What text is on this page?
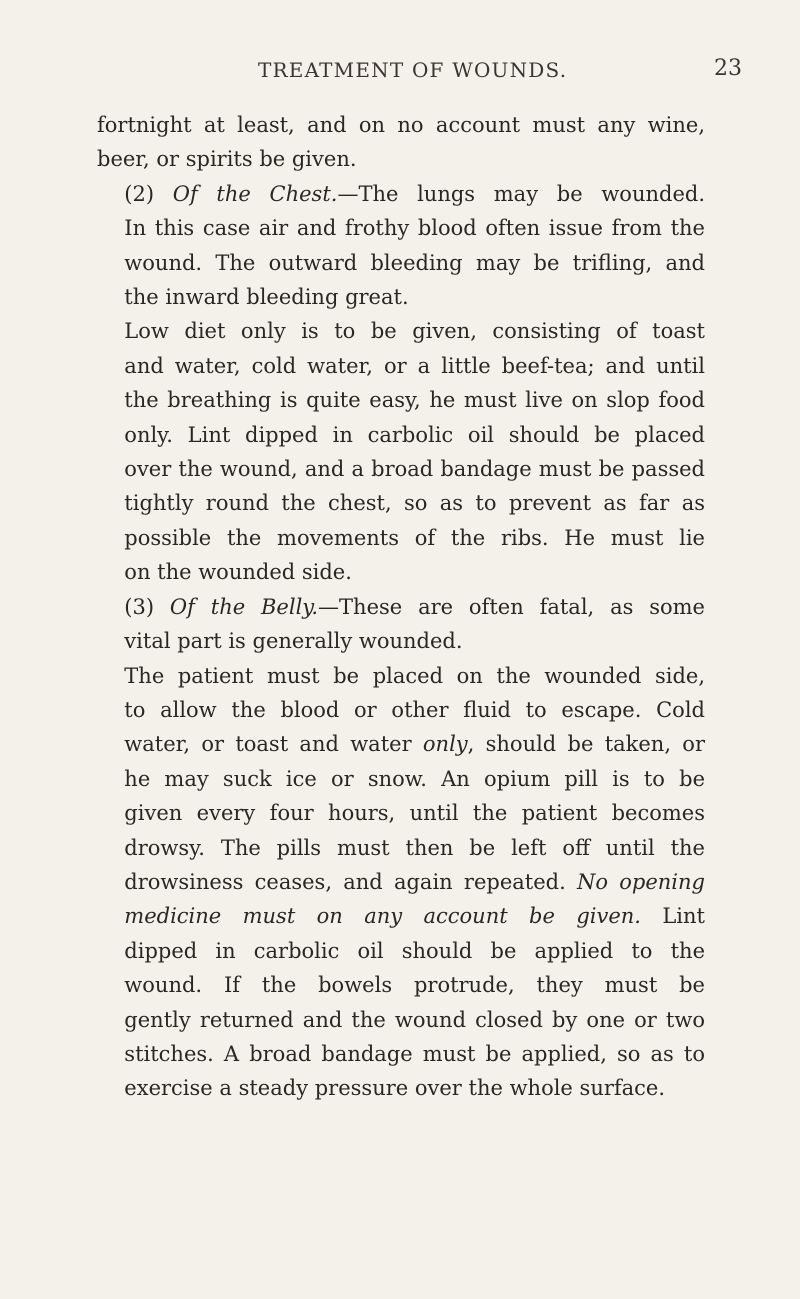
TREATMENT OF WOUNDS.	23

fortnight at least, and on no account must any wine,
beer, or spirits be given.

(2) Of the Chest.—The lungs may be wounded.
In this case air and frothy blood often issue from the
wound. The outward bleeding may be trifling, and
the inward bleeding great.

Low diet only is to be given, consisting of toast
and water, cold water, or a little beef-tea; and until
the breathing is quite easy, he must live on slop food
only. Lint dipped in carbolic oil should be placed
over the wound, and a broad bandage must be passed
tightly round the chest, so as to prevent as far as
possible the movements of the ribs. He must lie
on the wounded side.

(3) Of the Belly.—These are often fatal, as some
vital part is generally wounded.

The patient must be placed on the wounded side,
to allow the blood or other fluid to escape. Cold
water, or toast and water only, should be taken, or
he may suck ice or snow. An opium pill is to be
given every four hours, until the patient becomes
drowsy. The pills must then be left off until the
drowsiness ceases, and again repeated. No opening
medicine must on any account be given. Lint
dipped in carbolic oil should be applied to the
wound. If the bowels protrude, they must be
gently returned and the wound closed by one or two
stitches. A broad bandage must be applied, so as to
exercise a steady pressure over the whole surface.
